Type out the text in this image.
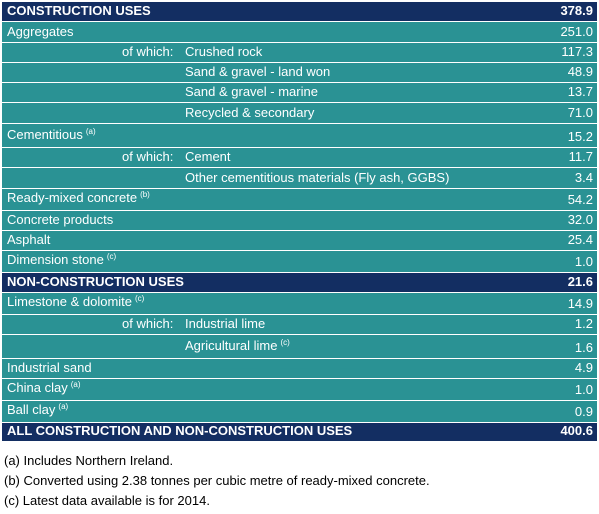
CONSTRUCTION USES	378.9
Aggregates	251.0
of which: Crushed rock	117.3
Sand & gravel - land won	48.9
Sand & gravel - marine	13.7
Recycled & secondary	71.0
Cementitious $^{(a)}$	15.2
of which: Cement	11.7
Other cementitious materials (Fly ash, GGBS)	3.4
Ready-mixed concrete $^{(b)}$	54.2
Concrete products	32.0
Asphalt	25.4
Dimension stone $^{(c)}$	1.0
NON-CONSTRUCTION USES	21.6
Limestone & dolomite $^{(c)}$	14.9
of which: Industrial lime	1.2
Agricultural lime $^{(c)}$	1.6
Industrial sand	4.9
China clay $^{(a)}$	1.0
Ball clay $^{(a)}$	0.9
ALL CONSTRUCTION AND NON-CONSTRUCTION USES	400.6
(a) Includes Northern Ireland.
(b) Converted using 2.38 tonnes per cubic metre of ready-mixed concrete.
(c) Latest data available is for 2014.
